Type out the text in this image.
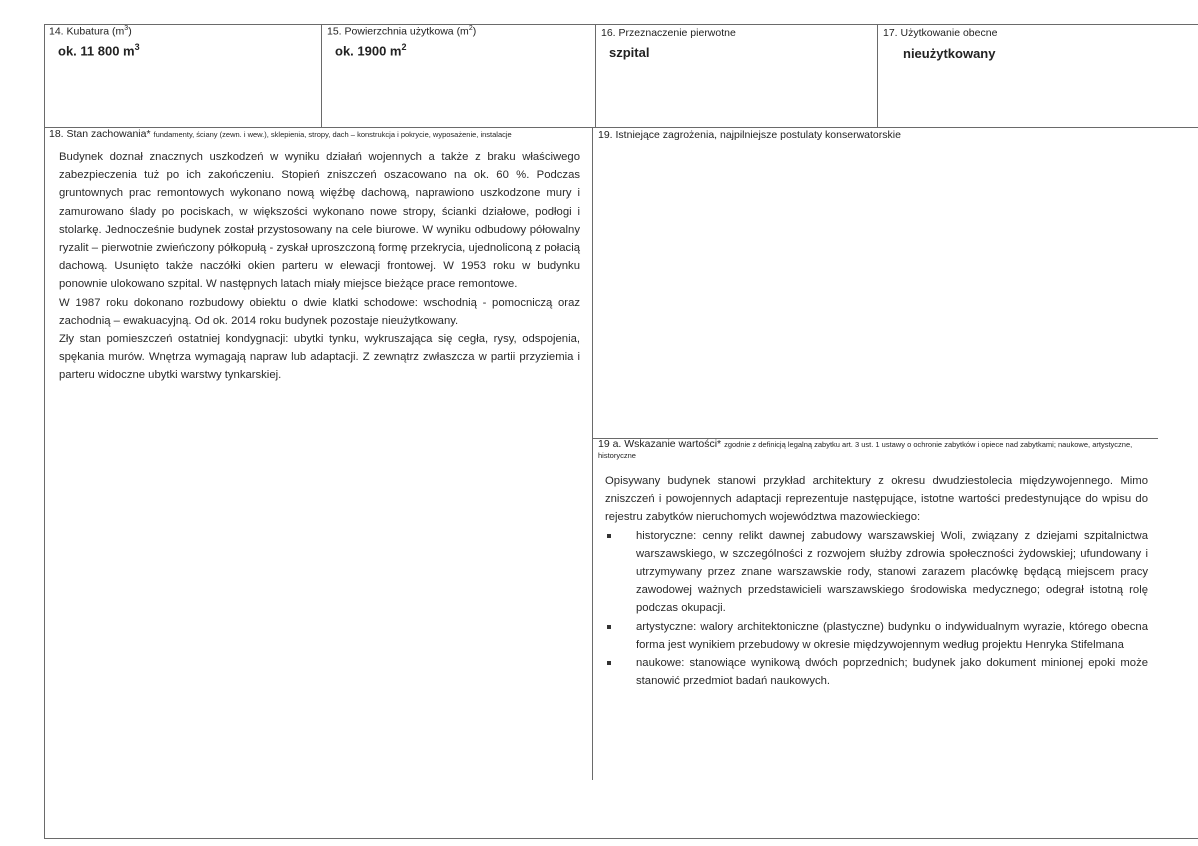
14. Kubatura $(m^3)$
ok. 11 800 $m^3$
15. Powierzchnia użytkowa $(m^2)$
ok. 1900 $m^2$
16. Przeznaczenie pierwotne
szpital
17. Użytkowanie obecne
nieużytkowany
18. Stan zachowania* fundamenty, ściany (zewn. i wew.), sklepienia, stropy, dach – konstrukcja i pokrycie, wyposażenie, instalacje

Budynek doznał znacznych uszkodzeń w wyniku działań wojennych a także z braku właściwego zabezpieczenia tuż po ich zakończeniu. Stopień zniszczeń oszacowano na ok. 60 %. Podczas gruntownych prac remontowych wykonano nową więźbę dachową, naprawiono uszkodzone mury i zamurowano ślady po pociskach, w większości wykonano nowe stropy, ścianki działowe, podłogi i stolarkę. Jednocześnie budynek został przystosowany na cele biurowe. W wyniku odbudowy półowalny ryzalit – pierwotnie zwieńczony półkopułą - zyskał uproszczoną formę przekrycia, ujednoliconą z połacią dachową. Usunięto także naczółki okien parteru w elewacji frontowej. W 1953 roku w budynku ponownie ulokowano szpital. W następnych latach miały miejsce bieżące prace remontowe.

W 1987 roku dokonano rozbudowy obiektu o dwie klatki schodowe: wschodnią - pomocniczą oraz zachodnią – ewakuacyjną. Od ok. 2014 roku budynek pozostaje nieużytkowany.

Zły stan pomieszczeń ostatniej kondygnacji: ubytki tynku, wykruszająca się cegła, rysy, odspojenia, spękania murów. Wnętrza wymagają napraw lub adaptacji. Z zewnątrz zwłaszcza w partii przyziemia i parteru widoczne ubytki warstwy tynkarskiej.

19. Istniejące zagrożenia, najpilniejsze postulaty konserwatorskie
19 a. Wskazanie wartości* zgodnie z definicją legalną zabytku art. 3 ust. 1 ustawy o ochronie zabytków i opiece nad zabytkami; naukowe, artystyczne, historyczne

Opisywany budynek stanowi przykład architektury z okresu dwudziestolecia międzywojennego. Mimo zniszczeń i powojennych adaptacji reprezentuje następujące, istotne wartości predestynujące do wpisu do rejestru zabytków nieruchomych województwa mazowieckiego:

historyczne: cenny relikt dawnej zabudowy warszawskiej Woli, związany z dziejami szpitalnictwa warszawskiego, w szczególności z rozwojem służby zdrowia społeczności żydowskiej; ufundowany i utrzymywany przez znane warszawskie rody, stanowi zarazem placówkę będącą miejscem pracy zawodowej ważnych przedstawicieli warszawskiego środowiska medycznego; odegrał istotną rolę podczas okupacji.
artystyczne: walory architektoniczne (plastyczne) budynku o indywidualnym wyrazie, którego obecna forma jest wynikiem przebudowy w okresie międzywojennym według projektu Henryka Stifelmana
naukowe: stanowiące wynikową dwóch poprzednich; budynek jako dokument minionej epoki może stanowić przedmiot badań naukowych.
